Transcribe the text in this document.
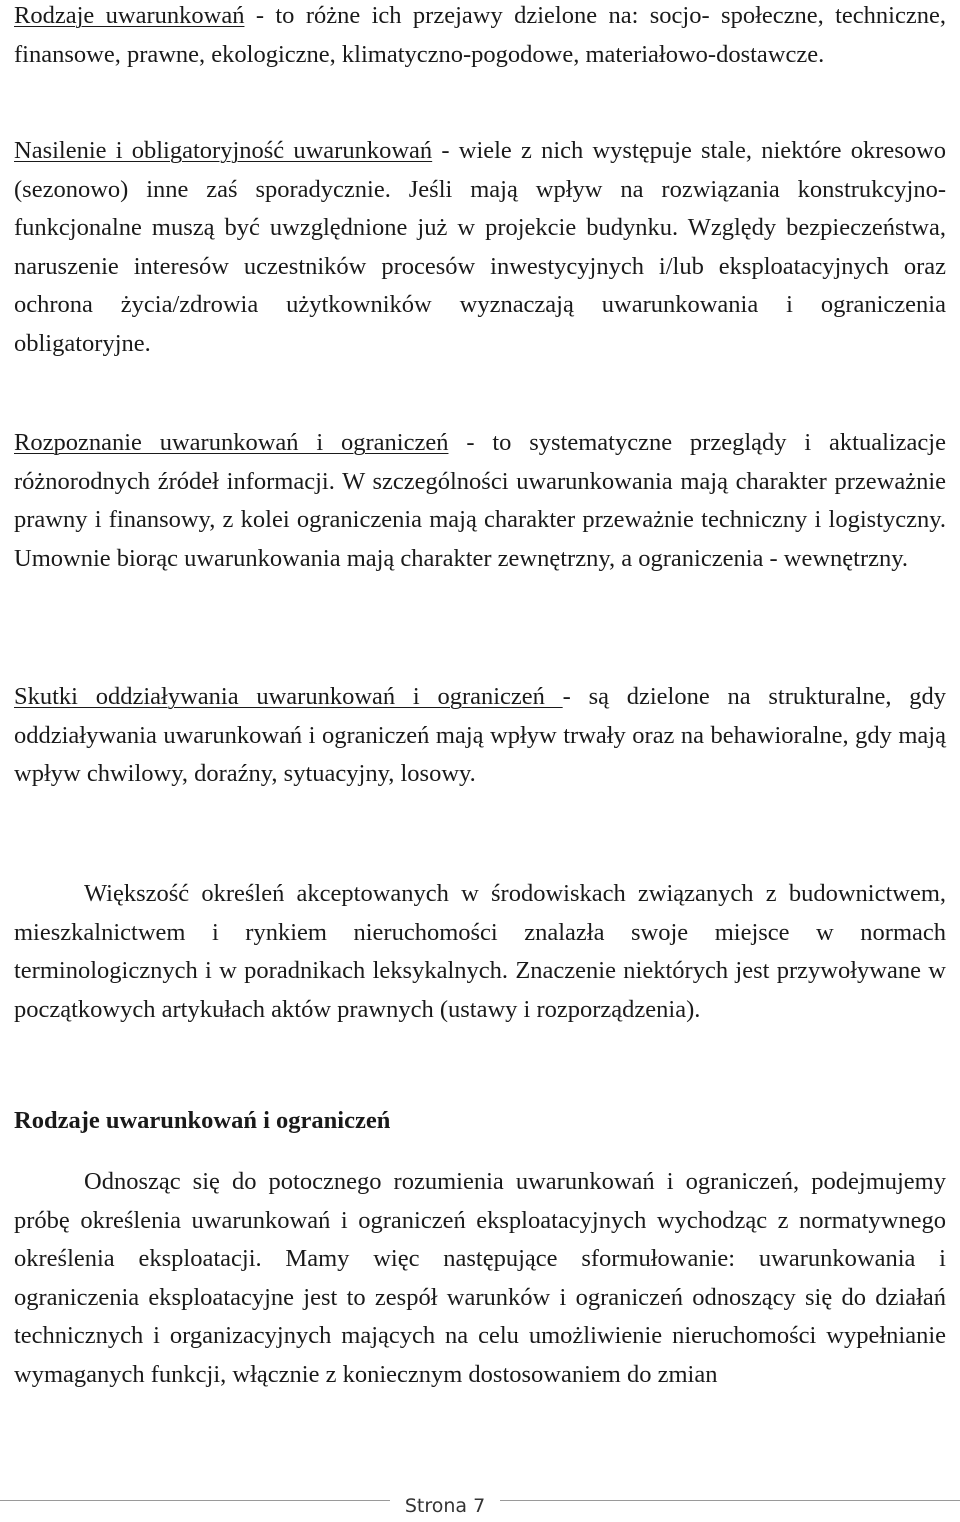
Rodzaje uwarunkowań - to różne ich przejawy dzielone na: socjo- społeczne, techniczne, finansowe, prawne, ekologiczne, klimatyczno-pogodowe, materiałowo-dostawcze.

Nasilenie i obligatoryjność uwarunkowań - wiele z nich występuje stale, niektóre okresowo (sezonowo) inne zaś sporadycznie. Jeśli mają wpływ na rozwiązania konstrukcyjno-funkcjonalne muszą być uwzględnione już w projekcie budynku. Względy bezpieczeństwa, naruszenie interesów uczestników procesów inwestycyjnych i/lub eksploatacyjnych oraz ochrona życia/zdrowia użytkowników wyznaczają uwarunkowania i ograniczenia obligatoryjne.

Rozpoznanie uwarunkowań i ograniczeń - to systematyczne przeglądy i aktualizacje różnorodnych źródeł informacji. W szczególności uwarunkowania mają charakter przeważnie prawny i finansowy, z kolei ograniczenia mają charakter przeważnie techniczny i logistyczny. Umownie biorąc uwarunkowania mają charakter zewnętrzny, a ograniczenia - wewnętrzny.

Skutki oddziaływania uwarunkowań i ograniczeń - są dzielone na strukturalne, gdy oddziaływania uwarunkowań i ograniczeń mają wpływ trwały oraz na behawioralne, gdy mają wpływ chwilowy, doraźny, sytuacyjny, losowy.

Większość określeń akceptowanych w środowiskach związanych z budownictwem, mieszkalnictwem i rynkiem nieruchomości znalazła swoje miejsce w normach terminologicznych i w poradnikach leksykalnych. Znaczenie niektórych jest przywoływane w początkowych artykułach aktów prawnych (ustawy i rozporządzenia).

Rodzaje uwarunkowań i ograniczeń

Odnosząc się do potocznego rozumienia uwarunkowań i ograniczeń, podejmujemy próbę określenia uwarunkowań i ograniczeń eksploatacyjnych wychodząc z normatywnego określenia eksploatacji. Mamy więc następujące sformułowanie: uwarunkowania i ograniczenia eksploatacyjne jest to zespół warunków i ograniczeń odnoszący się do działań technicznych i organizacyjnych mających na celu umożliwienie nieruchomości wypełnianie wymaganych funkcji, włącznie z koniecznym dostosowaniem do zmian

Strona 7
